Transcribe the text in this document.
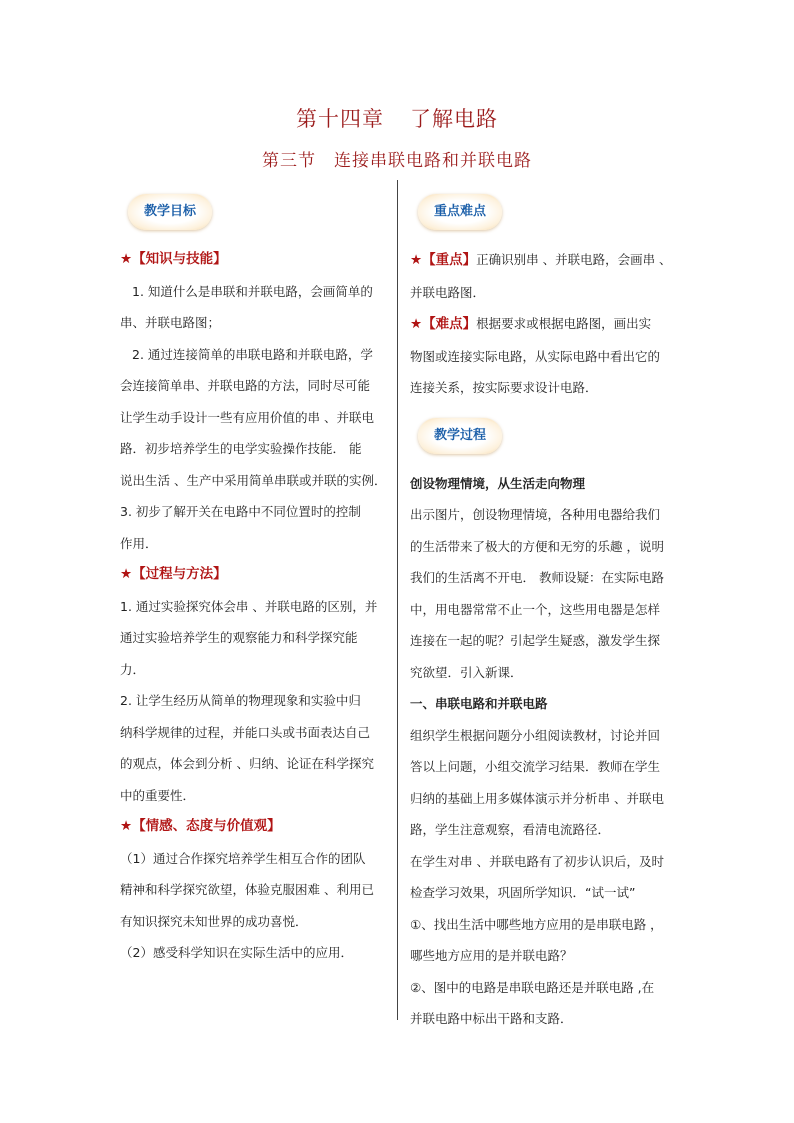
第十四章 了解电路
第三节 连接串联电路和并联电路
教学目标

★【知识与技能】

1. 知道什么是串联和并联电路，会画简单的

串、并联电路图；

2. 通过连接简单的串联电路和并联电路，学

会连接简单串、并联电路的方法，同时尽可能

让学生动手设计一些有应用价值的串 、并联电

路．初步培养学生的电学实验操作技能． 能

说出生活 、生产中采用简单串联或并联的实例．

3. 初步了解开关在电路中不同位置时的控制

作用．

★【过程与方法】

1. 通过实验探究体会串 、并联电路的区别，并

通过实验培养学生的观察能力和科学探究能

力．

2. 让学生经历从简单的物理现象和实验中归

纳科学规律的过程，并能口头或书面表达自己

的观点，体会到分析 、归纳、论证在科学探究

中的重要性．

★【情感、态度与价值观】

（1）通过合作探究培养学生相互合作的团队

精神和科学探究欲望，体验克服困难 、利用已

有知识探究未知世界的成功喜悦．

（2）感受科学知识在实际生活中的应用．

重点难点

★【重点】正确识别串 、并联电路，会画串 、

并联电路图．

★【难点】根据要求或根据电路图，画出实

物图或连接实际电路，从实际电路中看出它的

连接关系，按实际要求设计电路．

教学过程

创设物理情境，从生活走向物理

出示图片，创设物理情境，各种用电器给我们

的生活带来了极大的方便和无穷的乐趣 ，说明

我们的生活离不开电． 教师设疑：在实际电路

中，用电器常常不止一个，这些用电器是怎样

连接在一起的呢？引起学生疑惑，激发学生探

究欲望．引入新课．

一、串联电路和并联电路

组织学生根据问题分小组阅读教材，讨论并回

答以上问题，小组交流学习结果．教师在学生

归纳的基础上用多媒体演示并分析串 、并联电

路，学生注意观察，看清电流路径．

在学生对串 、并联电路有了初步认识后，及时

检查学习效果，巩固所学知识．“试一试”

①、找出生活中哪些地方应用的是串联电路 ，

哪些地方应用的是并联电路？

②、图中的电路是串联电路还是并联电路 ,在

并联电路中标出干路和支路．
